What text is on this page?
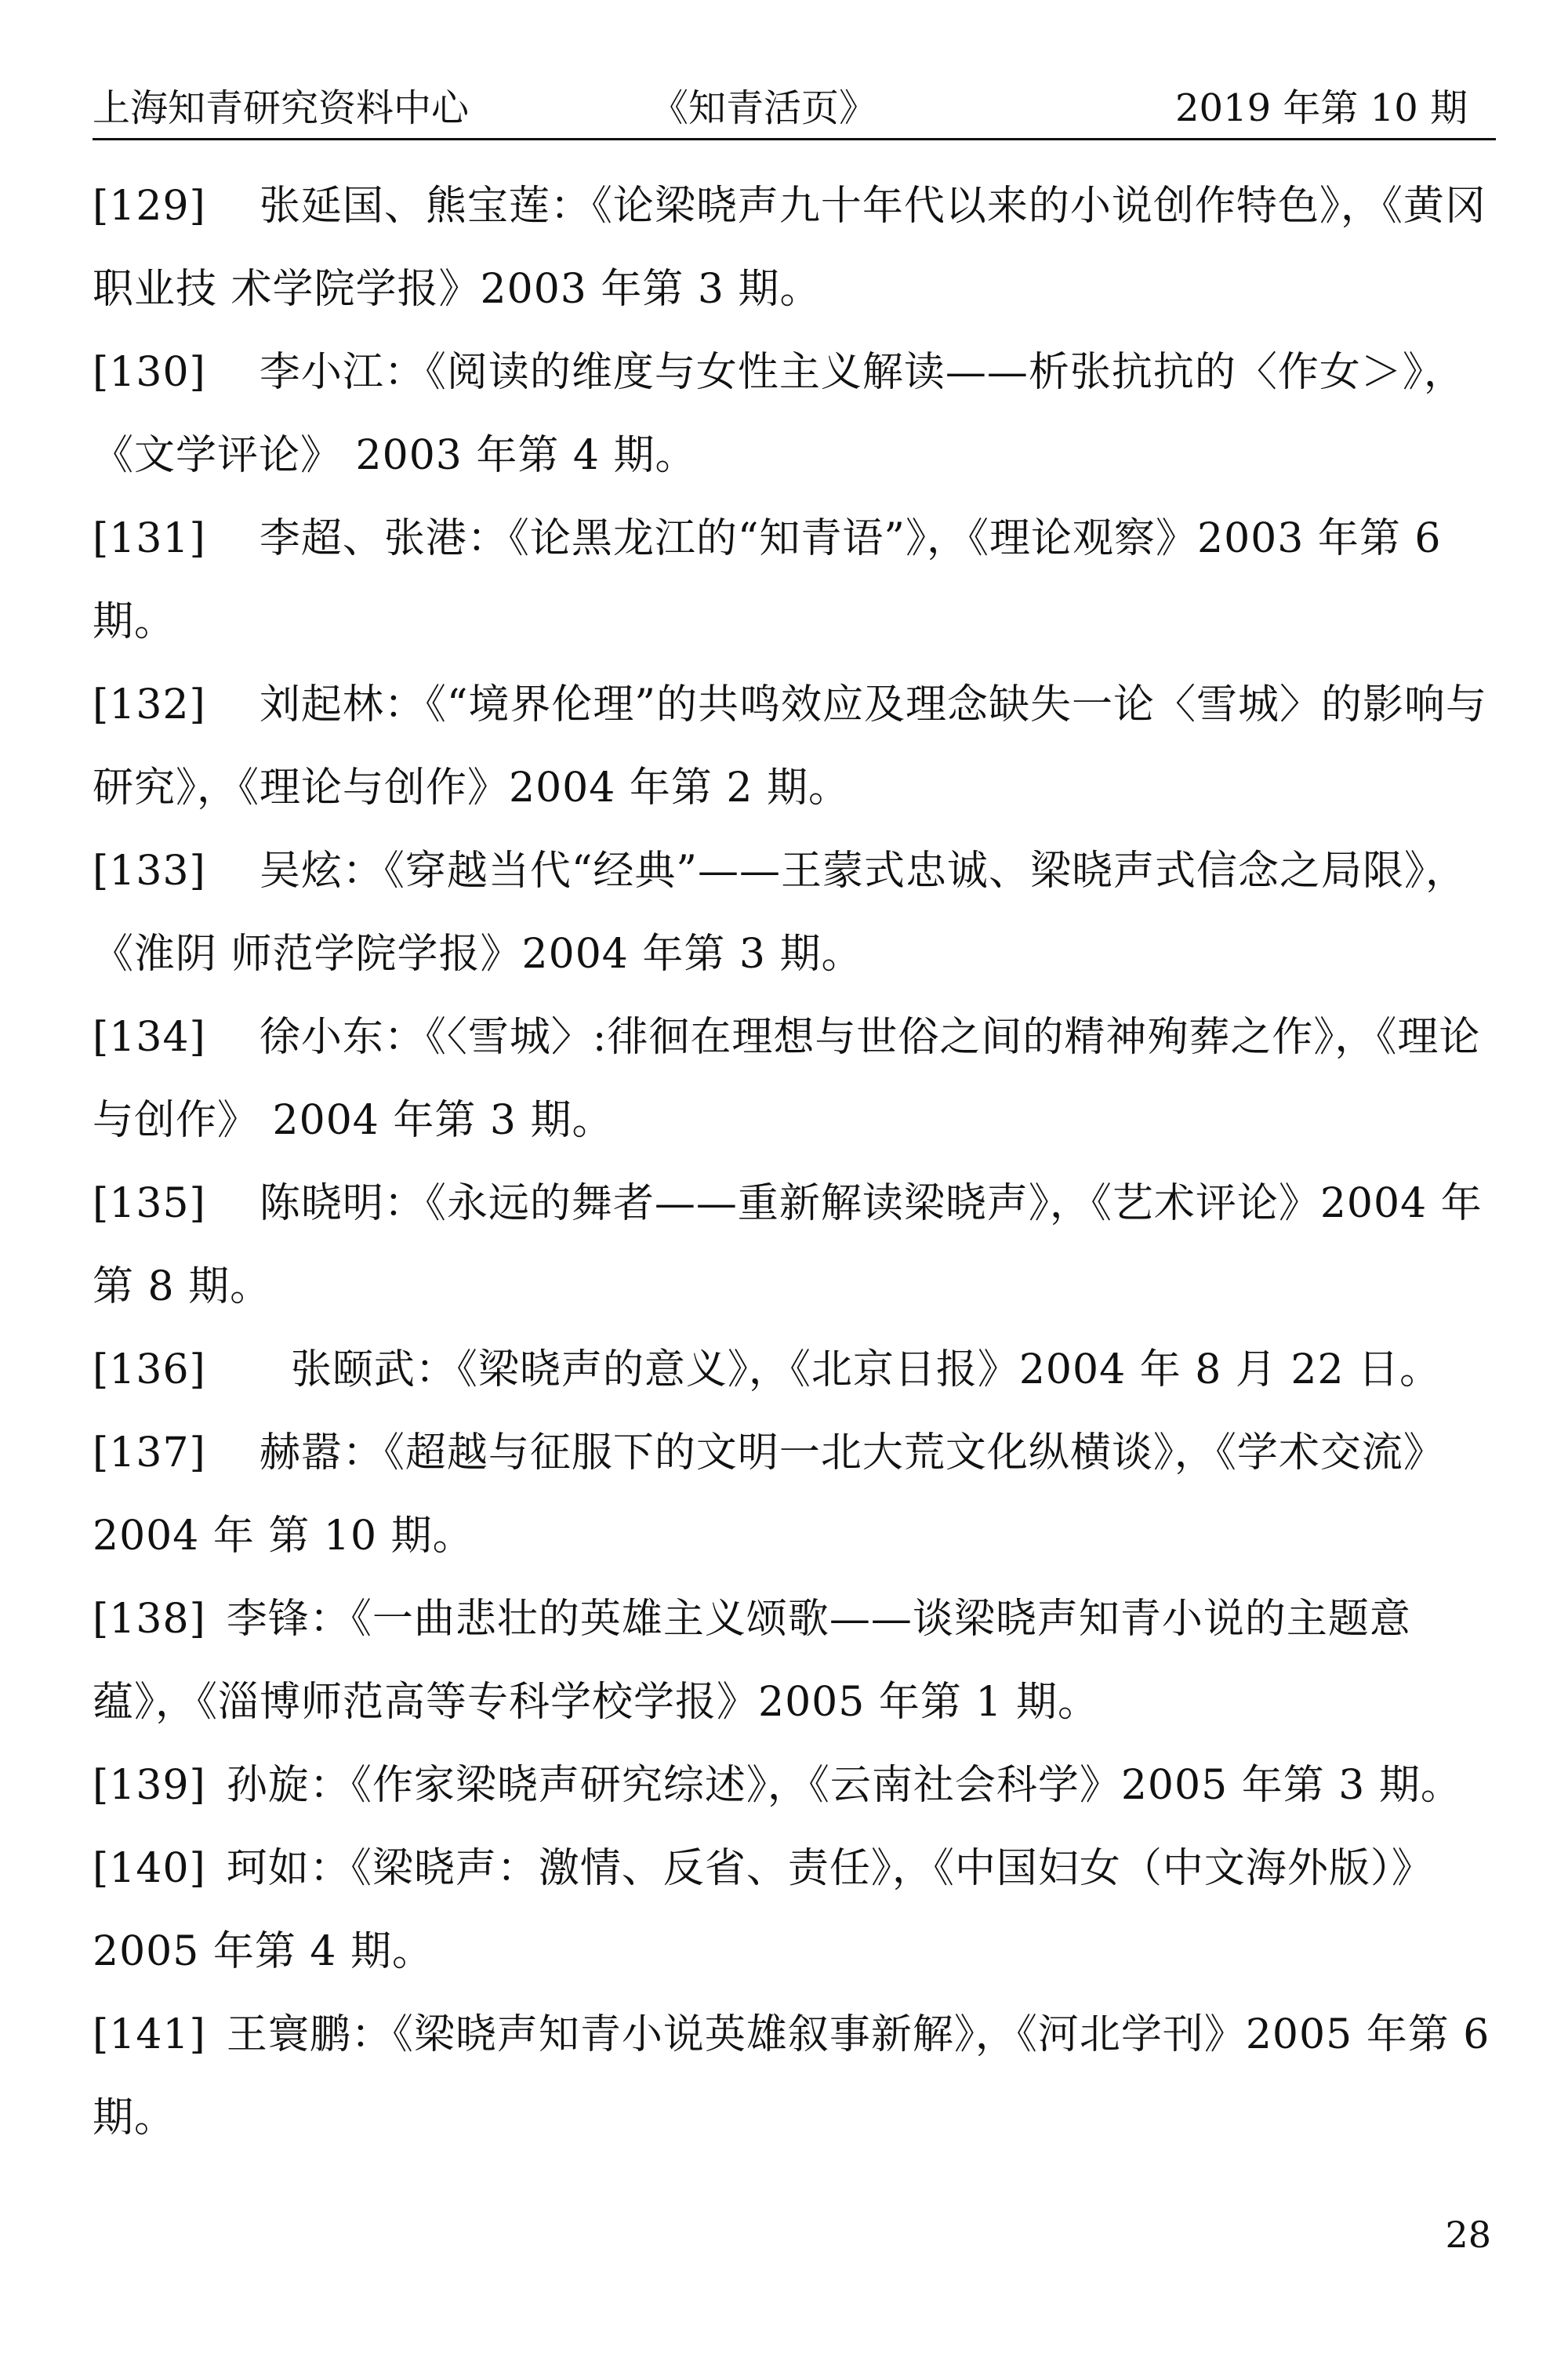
上海知青研究资料中心	《知青活页》	2019 年第 10 期

[129] 张延国、熊宝莲：《论梁晓声九十年代以来的小说创作特色》，《黄冈职业技 术学院学报》2003 年第 3 期。

[130] 李小江：《阅读的维度与女性主义解读——析张抗抗的〈作女＞》，《文学评论》 2003 年第 4 期。

[131] 李超、张港：《论黑龙江的“知青语”》，《理论观察》2003 年第 6 期。

[132] 刘起林：《“境界伦理”的共鸣效应及理念缺失一论〈雪城〉的影响与研究》，《理论与创作》2004 年第 2 期。

[133] 吴炫：《穿越当代“经典”——王蒙式忠诚、梁晓声式信念之局限》，《淮阴 师范学院学报》2004 年第 3 期。

[134] 徐小东：《〈雪城〉:徘徊在理想与世俗之间的精神殉葬之作》，《理论与创作》 2004 年第 3 期。

[135] 陈晓明：《永远的舞者——重新解读梁晓声》，《艺术评论》2004 年第 8 期。

[136] 张颐武：《梁晓声的意义》，《北京日报》2004 年 8 月 22 日。

[137] 赫嚣：《超越与征服下的文明一北大荒文化纵横谈》，《学术交流》2004 年 第 10 期。

[138] 李锋：《一曲悲壮的英雄主义颂歌——谈梁晓声知青小说的主题意蕴》，《淄博师范高等专科学校学报》2005 年第 1 期。

[139] 孙旋：《作家梁晓声研究综述》，《云南社会科学》2005 年第 3 期。

[140] 珂如：《梁晓声：激情、反省、责任》，《中国妇女（中文海外版）》2005 年第 4 期。

[141] 王寰鹏：《梁晓声知青小说英雄叙事新解》，《河北学刊》2005 年第 6 期。

28
